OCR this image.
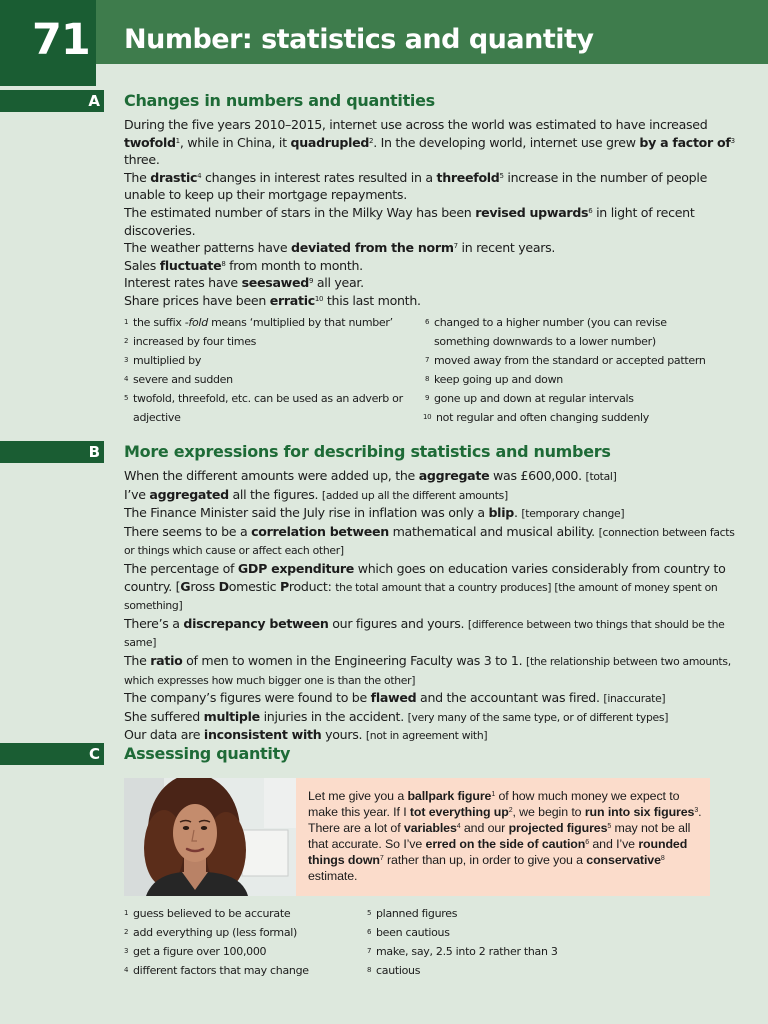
71 Number: statistics and quantity
A Changes in numbers and quantities

During the five years 2010–2015, internet use across the world was estimated to have increased twofold$^1$, while in China, it quadrupled$^2$. In the developing world, internet use grew by a factor $of^3$ three.

The drastic$^4$ changes in interest rates resulted in a threefold$^5$ increase in the number of people unable to keep up their mortgage repayments.

The estimated number of stars in the Milky Way has been revised upwards$^6$ in light of recent discoveries.

The weather patterns have deviated from the norm$^7$ in recent years.

Sales fluctuate$^8$ from month to month.

Interest rates have seesawed$^9$ all year.

Share prices have been erratic$^{10}$ this last month.

1 the suffix -fold means ‘multiplied by that number’
2 increased by four times
3 multiplied by
4 severe and sudden
5 twofold, threefold, etc. can be used as an adverb or adjective
6 changed to a higher number (you can revise something downwards to a lower number)
7 moved away from the standard or accepted pattern
8 keep going up and down
9 gone up and down at regular intervals
10 not regular and often changing suddenly
B More expressions for describing statistics and numbers

When the different amounts were added up, the aggregate was £600,000. [total]

I’ve aggregated all the figures. [added up all the different amounts]

The Finance Minister said the July rise in inflation was only a blip. [temporary change]

There seems to be a correlation between mathematical and musical ability. [connection between facts or things which cause or affect each other]

The percentage of GDP expenditure which goes on education varies considerably from country to country. [Gross Domestic Product: the total amount that a country produces] [the amount of money spent on something]

There’s a discrepancy between our figures and yours. [difference between two things that should be the same]

The ratio of men to women in the Engineering Faculty was 3 to 1. [the relationship between two amounts, which expresses how much bigger one is than the other]

The company’s figures were found to be flawed and the accountant was fired. [inaccurate]

She suffered multiple injuries in the accident. [very many of the same type, or of different types]

Our data are inconsistent with yours. [not in agreement with]

C Assessing quantity
Let me give you a ballpark figure$^1$ of how much money we expect to make this year. If I tot everything $up^2$, we begin to run into six figures$^3$. There are a lot of variables$^4$ and our projected figures$^5$ may not be all that accurate. So I’ve erred on the side of caution$^6$ and I’ve rounded things down$^7$ rather than up, in order to give you a conservative$^8$ estimate.
1 guess believed to be accurate
2 add everything up (less formal)
3 get a figure over 100,000
4 different factors that may change
5 planned figures
6 been cautious
7 make, say, 2.5 into 2 rather than 3
8 cautious
